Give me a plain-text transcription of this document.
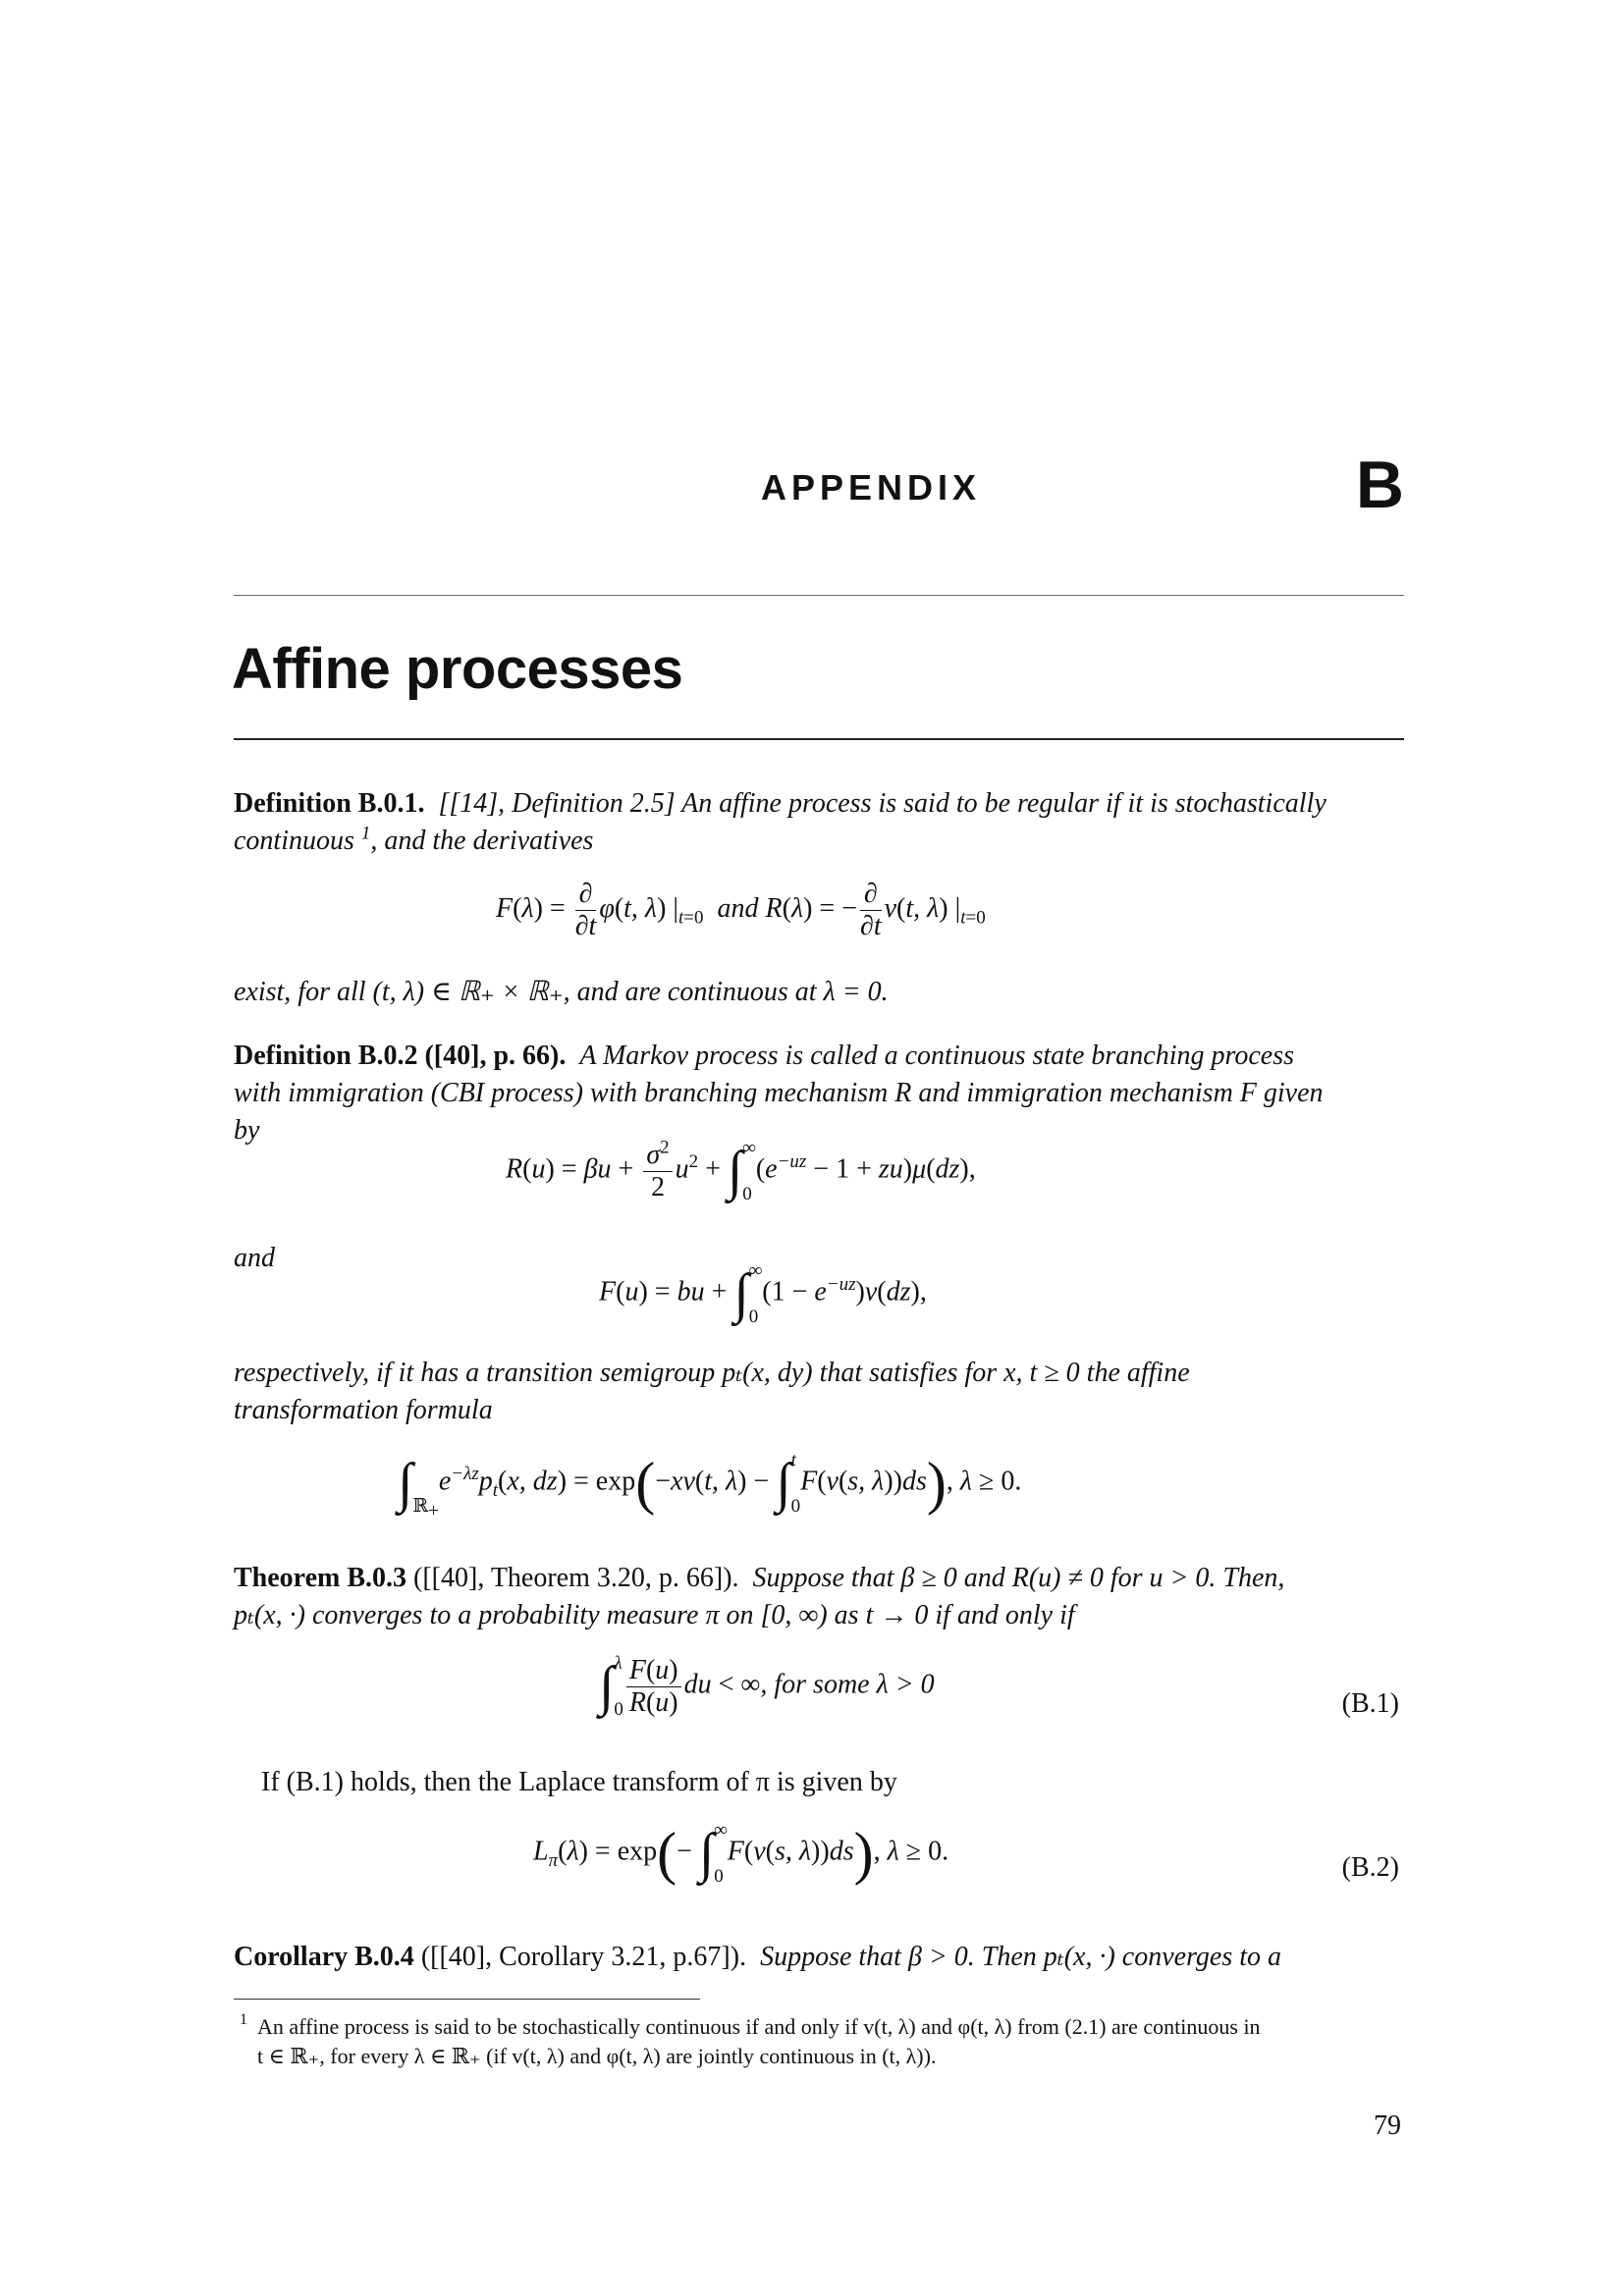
APPENDIX	B
Affine processes
Definition B.0.1. [[14], Definition 2.5] An affine process is said to be regular if it is stochastically
continuous $^1$, and the derivatives
$F(\lambda) = \frac{\partial}{\partial t} \varphi(t$, λ) $|_{t=0}$ and R(λ) = − $\frac{\partial}{\partial t} v(t$, λ) $|_{t=0}$
exist, for all (t, λ) ∈ ℝ₊ × ℝ₊, and are continuous at λ = 0.
Definition B.0.2 ([40], p. 66). A Markov process is called a continuous state branching process
with immigration (CBI process) with branching mechanism R and immigration mechanism F given
by
$R(u) = \beta u + \frac{\sigma^2}{2} u^2$ + ∫ ∞
0
$(e^{-uz} - 1 + zu)\mu(dz)$,
and
F(u) = bu + ∫ ∞
0
$(1 - e^{-uz})\nu(dz)$,
respectively, if it has a transition semigroup pₜ(x, dy) that satisfies for x, t ≥ 0 the affine
transformation formula
∫
ℝ$_+$
$e^{-\lambda z}p_t(x$, dz) = exp(−xv(t, λ) − ∫ t
0
F(v(s, λ))ds), λ ≥ 0.
Theorem B.0.3 ([[40], Theorem 3.20, p. 66]). Suppose that β ≥ 0 and R(u) ≠ 0 for u > 0. Then,
pₜ(x, ·) converges to a probability measure π on [0, ∞) as t → 0 if and only if
∫ λ
$0 \frac{F(u)}{R(u)}$ du < ∞, for some λ > 0
(B.1)
If (B.1) holds, then the Laplace transform of π is given by
$L_\pi(\lambda) = \exp(-$ ∫ ∞
0
F(v(s, λ))ds), λ ≥ 0.
(B.2)
Corollary B.0.4 ([[40], Corollary 3.21, p.67]). Suppose that β > 0. Then pₜ(x, ·) converges to a
1 An affine process is said to be stochastically continuous if and only if v(t, λ) and φ(t, λ) from (2.1) are continuous in
t ∈ ℝ₊, for every λ ∈ ℝ₊ (if v(t, λ) and φ(t, λ) are jointly continuous in (t, λ)).
79
